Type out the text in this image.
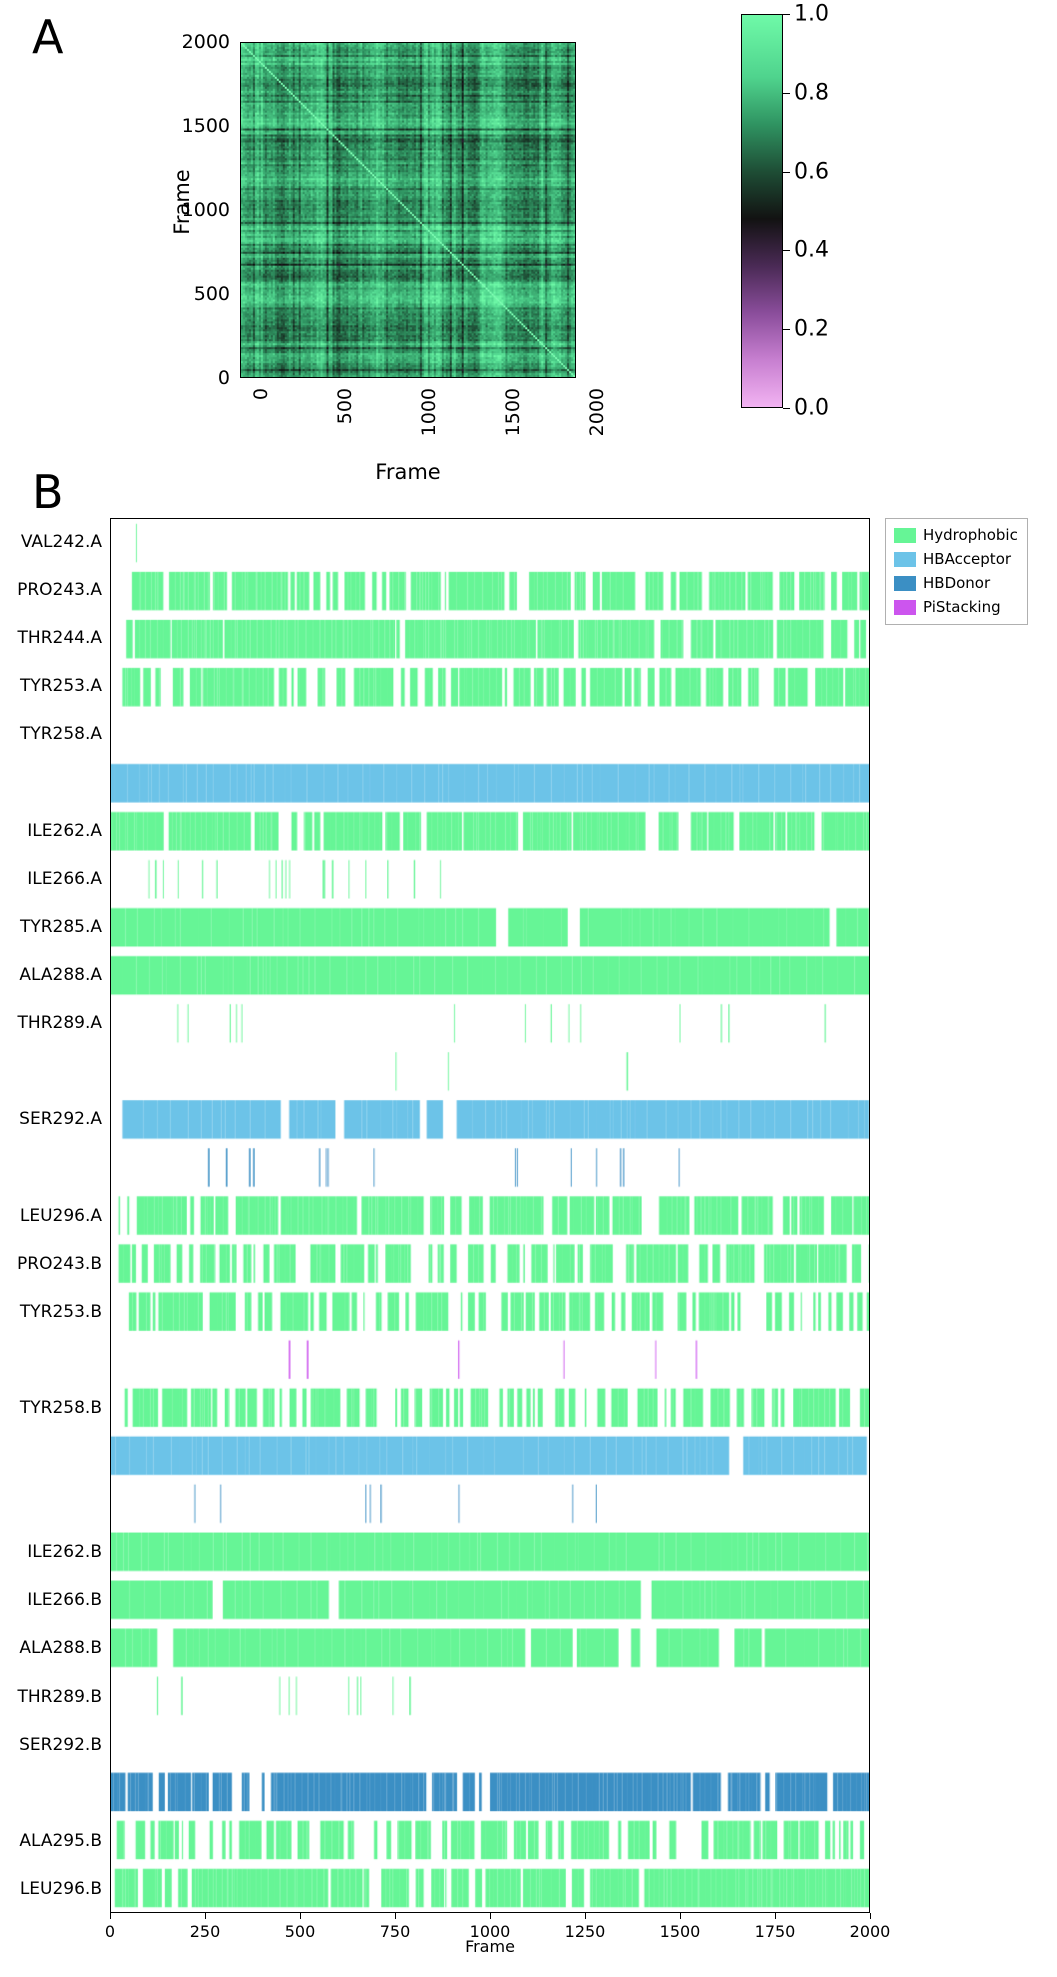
A
Frame
Frame
0
500
1000
1500
2000
0	500	1000	1500	2000	0.0
0.2
0.4
0.6
0.8
1.0
B
VAL242.A
PRO243.A
THR244.A
TYR253.A
TYR258.A
ILE262.A
ILE266.A
TYR285.A
ALA288.A
THR289.A
SER292.A
LEU296.A
PRO243.B
TYR253.B
TYR258.B
ILE262.B
ILE266.B
ALA288.B
THR289.B
SER292.B
ALA295.B
LEU296.B
0	250	500	750	1000	1250	1500	1750	2000
Frame
Hydrophobic
HBAcceptor
HBDonor
PiStacking
